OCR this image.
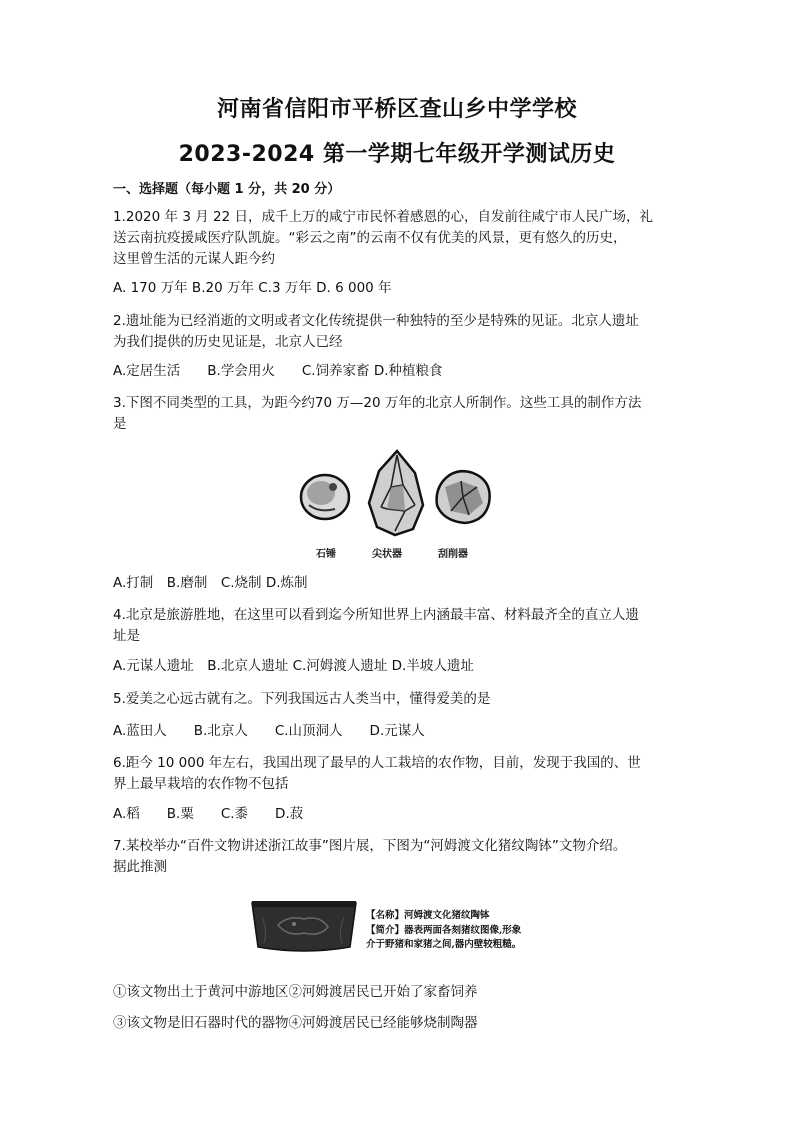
河南省信阳市平桥区查山乡中学学校
2023-2024 第一学期七年级开学测试历史
一、选择题（每小题 1 分，共 20 分）
1.2020 年 3 月 22 日，成千上万的咸宁市民怀着感恩的心，自发前往咸宁市人民广场，礼
送云南抗疫援咸医疗队凯旋。“彩云之南”的云南不仅有优美的风景，更有悠久的历史，
这里曾生活的元谋人距今约
A. 170 万年 B.20 万年 C.3 万年 D. 6 000 年
2.遗址能为已经消逝的文明或者文化传统提供一种独特的至少是特殊的见证。北京人遗址
为我们提供的历史见证是，北京人已经
A.定居生活　　B.学会用火　　C.饲养家畜 D.种植粮食
3.下图不同类型的工具，为距今约70 万—20 万年的北京人所制作。这些工具的制作方法
是
石锤	尖状器	刮削器
A.打制　B.磨制　C.烧制 D.炼制
4.北京是旅游胜地，在这里可以看到迄今所知世界上内涵最丰富、材料最齐全的直立人遗
址是
A.元谋人遗址　B.北京人遗址 C.河姆渡人遗址 D.半坡人遗址
5.爱美之心远古就有之。下列我国远古人类当中，懂得爱美的是
A.蓝田人　　B.北京人　　C.山顶洞人　　D.元谋人
6.距今 10 000 年左右，我国出现了最早的人工栽培的农作物，目前，发现于我国的、世
界上最早栽培的农作物不包括
A.稻　　B.粟　　C.黍　　D.菽
7.某校举办“百件文物讲述浙江故事”图片展，下图为“河姆渡文化猪纹陶钵”文物介绍。
据此推测
【名称】河姆渡文化猪纹陶钵
【简介】器表两面各刻猪纹图像,形象
介于野猪和家猪之间,器内壁较粗糙。
①该文物出土于黄河中游地区②河姆渡居民已开始了家畜饲养
③该文物是旧石器时代的器物④河姆渡居民已经能够烧制陶器
